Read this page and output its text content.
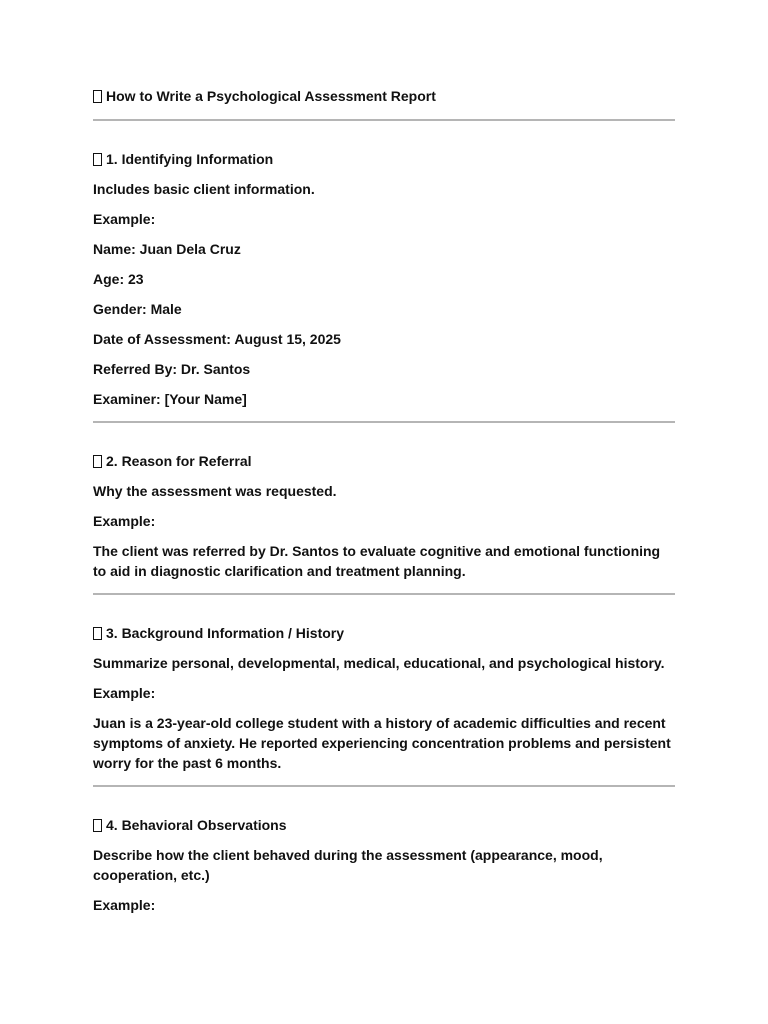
How to Write a Psychological Assessment Report
1. Identifying Information
Includes basic client information.
Example:
Name: Juan Dela Cruz
Age: 23
Gender: Male
Date of Assessment: August 15, 2025
Referred By: Dr. Santos
Examiner: [Your Name]
2. Reason for Referral
Why the assessment was requested.
Example:
The client was referred by Dr. Santos to evaluate cognitive and emotional functioning to aid in diagnostic clarification and treatment planning.
3. Background Information / History
Summarize personal, developmental, medical, educational, and psychological history.
Example:
Juan is a 23-year-old college student with a history of academic difficulties and recent symptoms of anxiety. He reported experiencing concentration problems and persistent worry for the past 6 months.
4. Behavioral Observations
Describe how the client behaved during the assessment (appearance, mood, cooperation, etc.)
Example:
